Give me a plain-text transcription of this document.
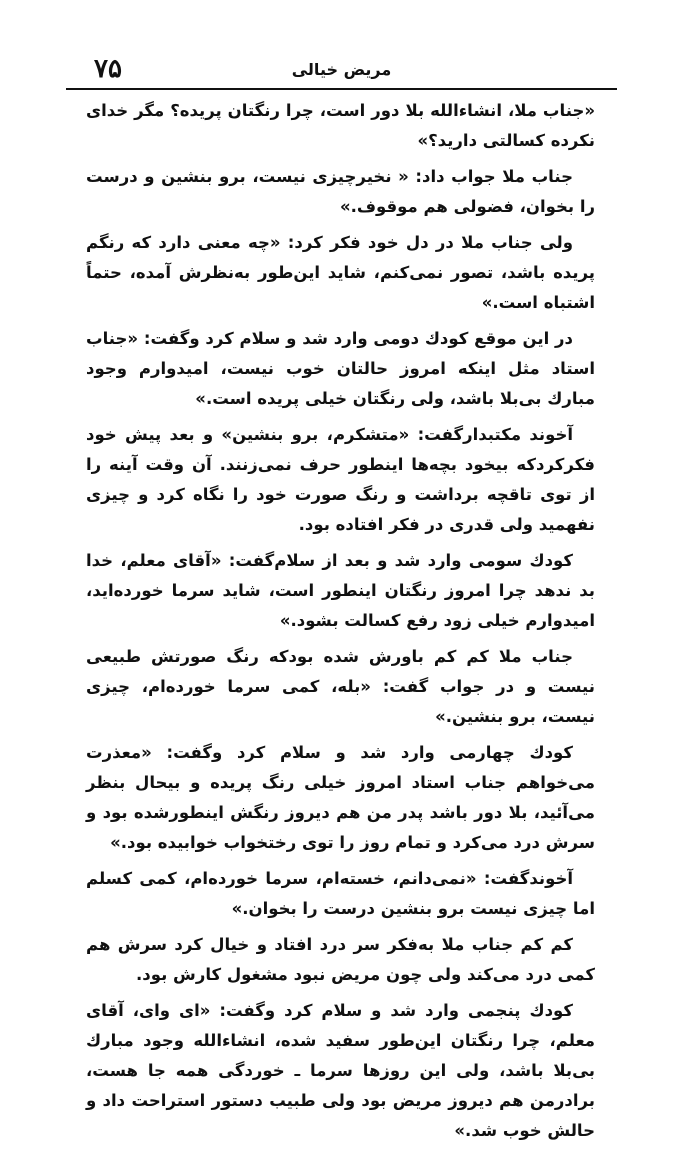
۷۵	مریض خیالی

«جناب ملا، انشاءالله بلا دور است، چرا رنگتان پریده؟ مگر خدای نکرده کسالتی دارید؟»

جناب ملا جواب داد: « نخیرچیزی نیست، برو بنشین و درست را بخوان، فضولی هم موقوف.»

ولی جناب ملا در دل خود فکر کرد: «چه معنی دارد که رنگم پریده باشد، تصور نمی‌کنم، شاید این‌طور به‌نظرش آمده، حتماً اشتباه است.»

در این موقع کودك دومی وارد شد و سلام کرد وگفت: «جناب استاد مثل اینکه امروز حالتان خوب نیست، امیدوارم وجود مبارك بی‌بلا باشد، ولی رنگتان خیلی پریده است.»

آخوند مکتبدارگفت: «متشکرم، برو بنشین» و بعد پیش خود فکرکردکه بیخود بچه‌ها اینطور حرف نمی‌زنند. آن وقت آینه را از توی تاقچه برداشت و رنگ صورت خود را نگاه کرد و چیزی نفهمید ولی قدری در فکر افتاده بود.

کودك سومی وارد شد و بعد از سلام‌گفت: «آقای معلم، خدا بد ندهد چرا امروز رنگتان اینطور است، شاید سرما خورده‌اید، امیدوارم خیلی زود رفع کسالت بشود.»

جناب ملا کم کم باورش شده بودکه رنگ صورتش طبیعی نیست و در جواب گفت: «بله، کمی سرما خورده‌ام، چیزی نیست، برو بنشین.»

کودك چهارمی وارد شد و سلام کرد وگفت: «معذرت می‌خواهم جناب استاد امروز خیلی رنگ پریده و بیحال بنظر می‌آئید، بلا دور باشد پدر من هم دیروز رنگش اینطورشده بود و سرش درد می‌کرد و تمام روز را توی رختخواب خوابیده بود.»

آخوندگفت: «نمی‌دانم، خسته‌ام، سرما خورده‌ام، کمی کسلم اما چیزی نیست برو بنشین درست را بخوان.»

کم کم جناب ملا به‌فکر سر درد افتاد و خیال کرد سرش هم کمی درد می‌کند ولی چون مریض نبود مشغول کارش بود.

کودك پنجمی وارد شد و سلام کرد وگفت: «ای وای، آقای معلم، چرا رنگتان این‌طور سفید شده، انشاءالله وجود مبارك بی‌بلا باشد، ولی این روزها سرما ـ خوردگی همه جا هست، برادرمن هم دیروز مریض بود ولی طبیب دستور استراحت داد و حالش خوب شد.»
